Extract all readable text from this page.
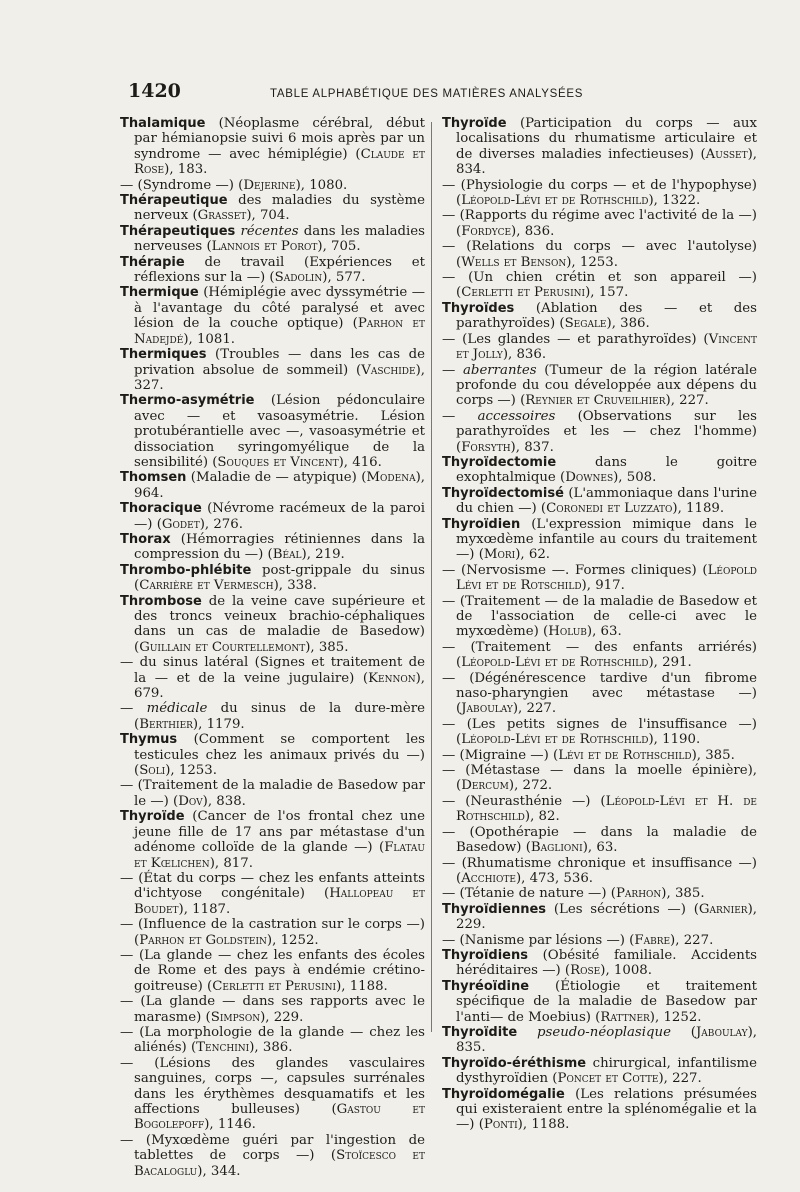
1420	TABLE ALPHABÉTIQUE DES MATIÈRES ANALYSÉES

Thalamique (Néoplasme cérébral, début par hémianopsie suivi 6 mois après par un syndrome — avec hémiplégie) (Claude et Rose), 183.

— (Syndrome —) (Dejerine), 1080.

Thérapeutique des maladies du système nerveux (Grasset), 704.

Thérapeutiques récentes dans les maladies nerveuses (Lannois et Porot), 705.

Thérapie de travail (Expériences et réflexions sur la —) (Sadolin), 577.

Thermique (Hémiplégie avec dyssymétrie — à l'avantage du côté paralysé et avec lésion de la couche optique) (Parhon et Nadejdé), 1081.

Thermiques (Troubles — dans les cas de privation absolue de sommeil) (Vaschide), 327.

Thermo-asymétrie (Lésion pédonculaire avec — et vasoasymétrie. Lésion protubérantielle avec —, vasoasymétrie et dissociation syringomyélique de la sensibilité) (Souques et Vincent), 416.

Thomsen (Maladie de — atypique) (Modena), 964.

Thoracique (Névrome racémeux de la paroi —) (Godet), 276.

Thorax (Hémorragies rétiniennes dans la compression du —) (Béal), 219.

Thrombo-phlébite post-grippale du sinus (Carrière et Vermesch), 338.

Thrombose de la veine cave supérieure et des troncs veineux brachio-céphaliques dans un cas de maladie de Basedow) (Guillain et Courtellemont), 385.

— du sinus latéral (Signes et traitement de la — et de la veine jugulaire) (Kennon), 679.

— médicale du sinus de la dure-mère (Berthier), 1179.

Thymus (Comment se comportent les testicules chez les animaux privés du —) (Soli), 1253.

— (Traitement de la maladie de Basedow par le —) (Dov), 838.

Thyroïde (Cancer de l'os frontal chez une jeune fille de 17 ans par métastase d'un adénome colloïde de la glande —) (Flatau et Kœlichen), 817.

— (État du corps — chez les enfants atteints d'ichtyose congénitale) (Hallopeau et Boudet), 1187.

— (Influence de la castration sur le corps —) (Parhon et Goldstein), 1252.

— (La glande — chez les enfants des écoles de Rome et des pays à endémie crétino-goitreuse) (Cerletti et Perusini), 1188.

— (La glande — dans ses rapports avec le marasme) (Simpson), 229.

— (La morphologie de la glande — chez les aliénés) (Tenchini), 386.

— (Lésions des glandes vasculaires sanguines, corps —, capsules surrénales dans les érythèmes desquamatifs et les affections bulleuses) (Gastou et Bogolepoff), 1146.

— (Myxœdème guéri par l'ingestion de tablettes de corps —) (Stoïcesco et Bacaloglu), 344.

Thyroïde (Participation du corps — aux localisations du rhumatisme articulaire et de diverses maladies infectieuses) (Ausset), 834.

— (Physiologie du corps — et de l'hypophyse) (Léopold-Lévi et de Rothschild), 1322.

— (Rapports du régime avec l'activité de la —) (Fordyce), 836.

— (Relations du corps — avec l'autolyse) (Wells et Benson), 1253.

— (Un chien crétin et son appareil —) (Cerletti et Perusini), 157.

Thyroïdes (Ablation des — et des parathyroïdes) (Segale), 386.

— (Les glandes — et parathyroïdes) (Vincent et Jolly), 836.

— aberrantes (Tumeur de la région latérale profonde du cou développée aux dépens du corps —) (Reynier et Cruveilhier), 227.

— accessoires (Observations sur les parathyroïdes et les — chez l'homme) (Forsyth), 837.

Thyroïdectomie dans le goitre exophtalmique (Downes), 508.

Thyroïdectomisé (L'ammoniaque dans l'urine du chien —) (Coronedi et Luzzato), 1189.

Thyroïdien (L'expression mimique dans le myxœdème infantile au cours du traitement —) (Mori), 62.

— (Nervosisme —. Formes cliniques) (Léopold Lévi et de Rotschild), 917.

— (Traitement — de la maladie de Basedow et de l'association de celle-ci avec le myxœdème) (Holub), 63.

— (Traitement — des enfants arriérés) (Léopold-Lévi et de Rothschild), 291.

— (Dégénérescence tardive d'un fibrome naso-pharyngien avec métastase —) (Jaboulay), 227.

— (Les petits signes de l'insuffisance —) (Léopold-Lévi et de Rothschild), 1190.

— (Migraine —) (Lévi et de Rothschild), 385.

— (Métastase — dans la moelle épinière), (Dercum), 272.

— (Neurasthénie —) (Léopold-Lévi et H. de Rothschild), 82.

— (Opothérapie — dans la maladie de Basedow) (Baglioni), 63.

— (Rhumatisme chronique et insuffisance —) (Acchiote), 473, 536.

— (Tétanie de nature —) (Parhon), 385.

Thyroïdiennes (Les sécrétions —) (Garnier), 229.

— (Nanisme par lésions —) (Fabre), 227.

Thyroïdiens (Obésité familiale. Accidents héréditaires —) (Rose), 1008.

Thyréoïdine (Étiologie et traitement spécifique de la maladie de Basedow par l'anti— de Moebius) (Rattner), 1252.

Thyroïdite pseudo-néoplasique (Jaboulay), 835.

Thyroïdo-éréthisme chirurgical, infantilisme dysthyroïdien (Poncet et Cotte), 227.

Thyroïdomégalie (Les relations présumées qui existeraient entre la splénomégalie et la —) (Ponti), 1188.
